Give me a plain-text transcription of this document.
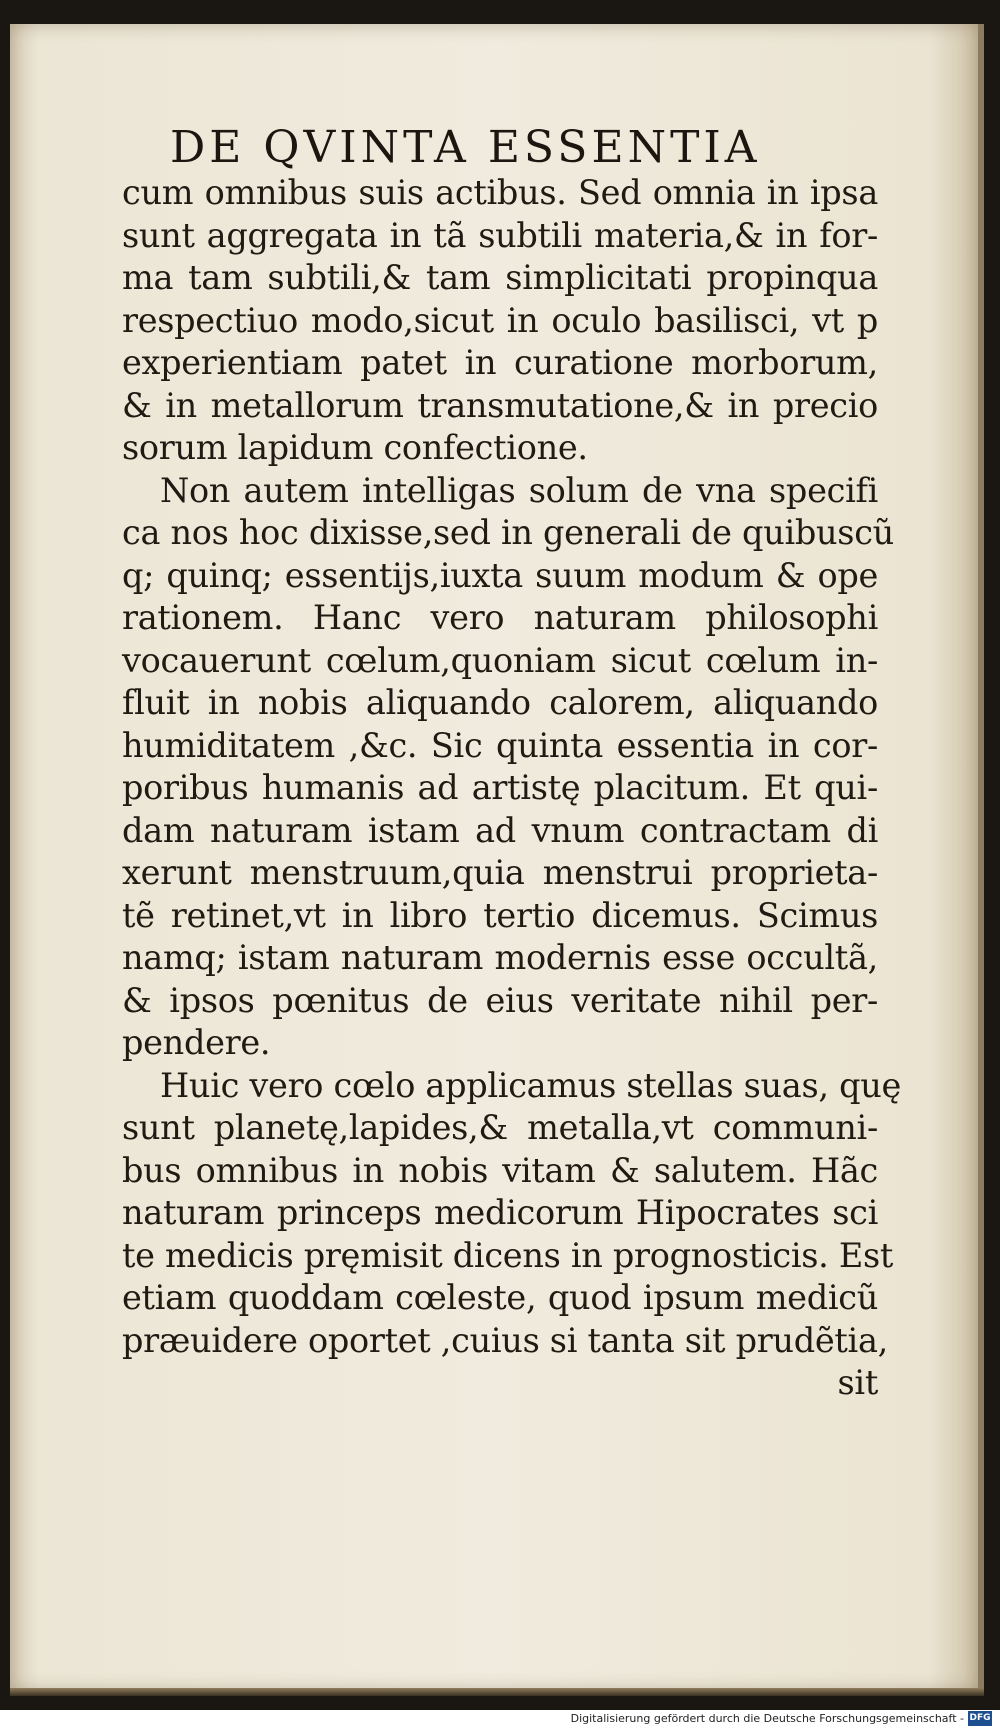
DE QVINTA ESSENTIA
cum omnibus suis actibus. Sed omnia in ipsa
sunt aggregata in tã subtili materia,& in for-
ma tam subtili,& tam simplicitati propinqua
respectiuo modo,sicut in oculo basilisci, vt p
experientiam patet in curatione morborum,
& in metallorum transmutatione,& in precio
sorum lapidum confectione.
Non autem intelligas solum de vna specifi
ca nos hoc dixisse,sed in generali de quibuscũ
q; quinq; essentijs,iuxta suum modum & ope
rationem. Hanc vero naturam philosophi
vocauerunt cœlum,quoniam sicut cœlum in-
fluit in nobis aliquando calorem, aliquando
humiditatem ,&c. Sic quinta essentia in cor-
poribus humanis ad artistę placitum. Et qui-
dam naturam istam ad vnum contractam di
xerunt menstruum,quia menstrui proprieta-
tẽ retinet,vt in libro tertio dicemus. Scimus
namq; istam naturam modernis esse occultã,
& ipsos pœnitus de eius veritate nihil per-
pendere.
Huic vero cœlo applicamus stellas suas, quę
sunt planetę,lapides,& metalla,vt communi-
bus omnibus in nobis vitam & salutem. Hãc
naturam princeps medicorum Hipocrates sci
te medicis pręmisit dicens in prognosticis. Est
etiam quoddam cœleste, quod ipsum medicũ
præuidere oportet ,cuius si tanta sit prudẽtia,
sit
Digitalisierung gefördert durch die Deutsche Forschungsgemeinschaft - DFG
